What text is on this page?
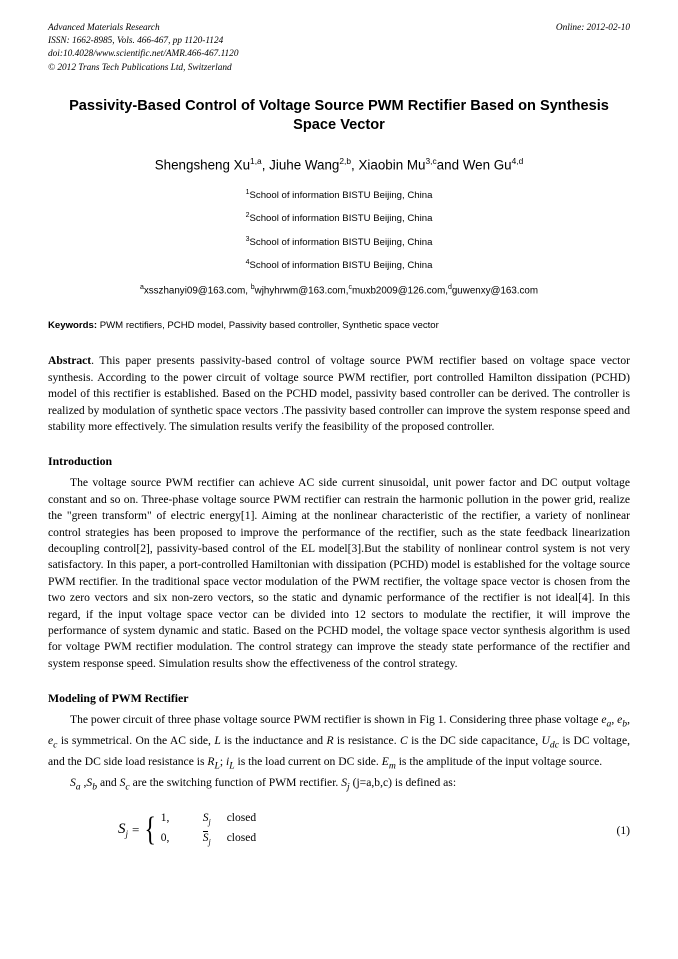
Advanced Materials Research
ISSN: 1662-8985, Vols. 466-467, pp 1120-1124
doi:10.4028/www.scientific.net/AMR.466-467.1120
© 2012 Trans Tech Publications Ltd, Switzerland
Online: 2012-02-10
Passivity-Based Control of Voltage Source PWM Rectifier Based on Synthesis Space Vector
Shengsheng Xu$^{1,a}$, Jiuhe Wang$^{2,b}$, Xiaobin Mu$^{3,c}$and Wen Gu$^{4,d}$
$^1$School of information BISTU Beijing, China
$^2$School of information BISTU Beijing, China
$^3$School of information BISTU Beijing, China
$^4$School of information BISTU Beijing, China
$^a$xsszhanyi09@163.com, $^b$wjhyhrwm@163.com,$^c$muxb2009@126.com,$^d$guwenxy@163.com
Keywords: PWM rectifiers, PCHD model, Passivity based controller, Synthetic space vector
Abstract. This paper presents passivity-based control of voltage source PWM rectifier based on voltage space vector synthesis. According to the power circuit of voltage source PWM rectifier, port controlled Hamilton dissipation (PCHD) model of this rectifier is established. Based on the PCHD model, passivity based controller can be derived. The controller is realized by modulation of synthetic space vectors .The passivity based controller can improve the system response speed and stability more effectively. The simulation results verify the feasibility of the proposed controller.
Introduction

The voltage source PWM rectifier can achieve AC side current sinusoidal, unit power factor and DC output voltage constant and so on. Three-phase voltage source PWM rectifier can restrain the harmonic pollution in the power grid, realize the "green transform" of electric energy[1]. Aiming at the nonlinear characteristic of the rectifier, a variety of nonlinear control strategies has been proposed to improve the performance of the rectifier, such as the state feedback linearization decoupling control[2], passivity-based control of the EL model[3].But the stability of nonlinear control system is not very satisfactory. In this paper, a port-controlled Hamiltonian with dissipation (PCHD) model is established for the voltage source PWM rectifier. In the traditional space vector modulation of the PWM rectifier, the voltage space vector is chosen from the two zero vectors and six non-zero vectors, so the static and dynamic performance of the rectifier is not ideal[4]. In this regard, if the input voltage space vector can be divided into 12 sectors to modulate the rectifier, it will improve the performance of system dynamic and static. Based on the PCHD model, the voltage space vector synthesis algorithm is used for voltage PWM rectifier modulation. The control strategy can improve the steady state performance of the rectifier and system response speed. Simulation results show the effectiveness of the control strategy.

Modeling of PWM Rectifier

The power circuit of three phase voltage source PWM rectifier is shown in Fig 1. Considering three phase voltage $e_a$, $e_b$, $e_c$ is symmetrical. On the AC side, L is the inductance and R is resistance. C is the DC side capacitance, $U_{dc}$ is DC voltage, and the DC side load resistance is $R_L$; $i_L$ is the load current on DC side. $E_m$ is the amplitude of the input voltage source.

$S_a$ $,S_b$ and $S_c$ are the switching function of PWM rectifier. $S_j$ (j=a,b,c) is defined as:

$S_j$ = { 1,	$S_j$	closed
0,	$S_j$	closed
(1)
